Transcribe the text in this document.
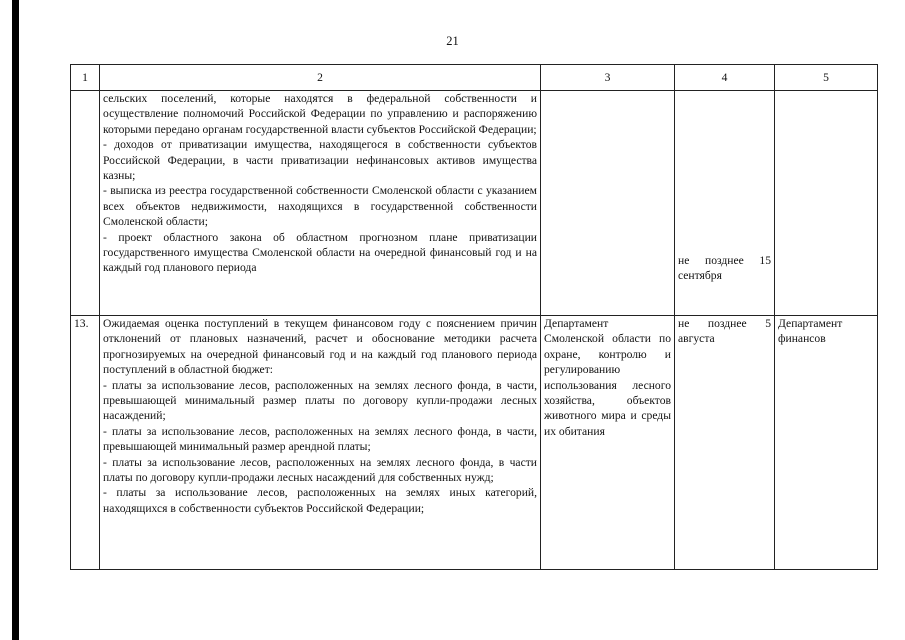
21
1	2	3	4	5

	сельских поселений, которые находятся в федеральной собственности и осуществление полномочий Российской Федерации по управлению и распоряжению которыми передано органам государственной власти субъектов Российской Федерации;
- доходов от приватизации имущества, находящегося в собственности субъектов Российской Федерации, в части приватизации нефинансовых активов имущества казны;
- выписка из реестра государственной собственности Смоленской области с указанием всех объектов недвижимости, находящихся в государственной собственности Смоленской области;
- проект областного закона об областном прогнозном плане приватизации государственного имущества Смоленской области на очередной финансовый год и на каждый год планового периода		не позднее 15 сентября	
13.	Ожидаемая оценка поступлений в текущем финансовом году с пояснением причин отклонений от плановых назначений, расчет и обоснование методики расчета прогнозируемых на очередной финансовый год и на каждый год планового периода поступлений в областной бюджет:
- платы за использование лесов, расположенных на землях лесного фонда, в части, превышающей минимальный размер платы по договору купли-продажи лесных насаждений;
- платы за использование лесов, расположенных на землях лесного фонда, в части, превышающей минимальный размер арендной платы;
- платы за использование лесов, расположенных на землях лесного фонда, в части платы по договору купли-продажи лесных насаждений для собственных нужд;
- платы за использование лесов, расположенных на землях иных категорий, находящихся в собственности субъектов Российской Федерации;	Департамент Смоленской области по охране, контролю и регулированию использования лесного хозяйства, объектов животного мира и среды их обитания	не позднее 5 августа	Департамент финансов
